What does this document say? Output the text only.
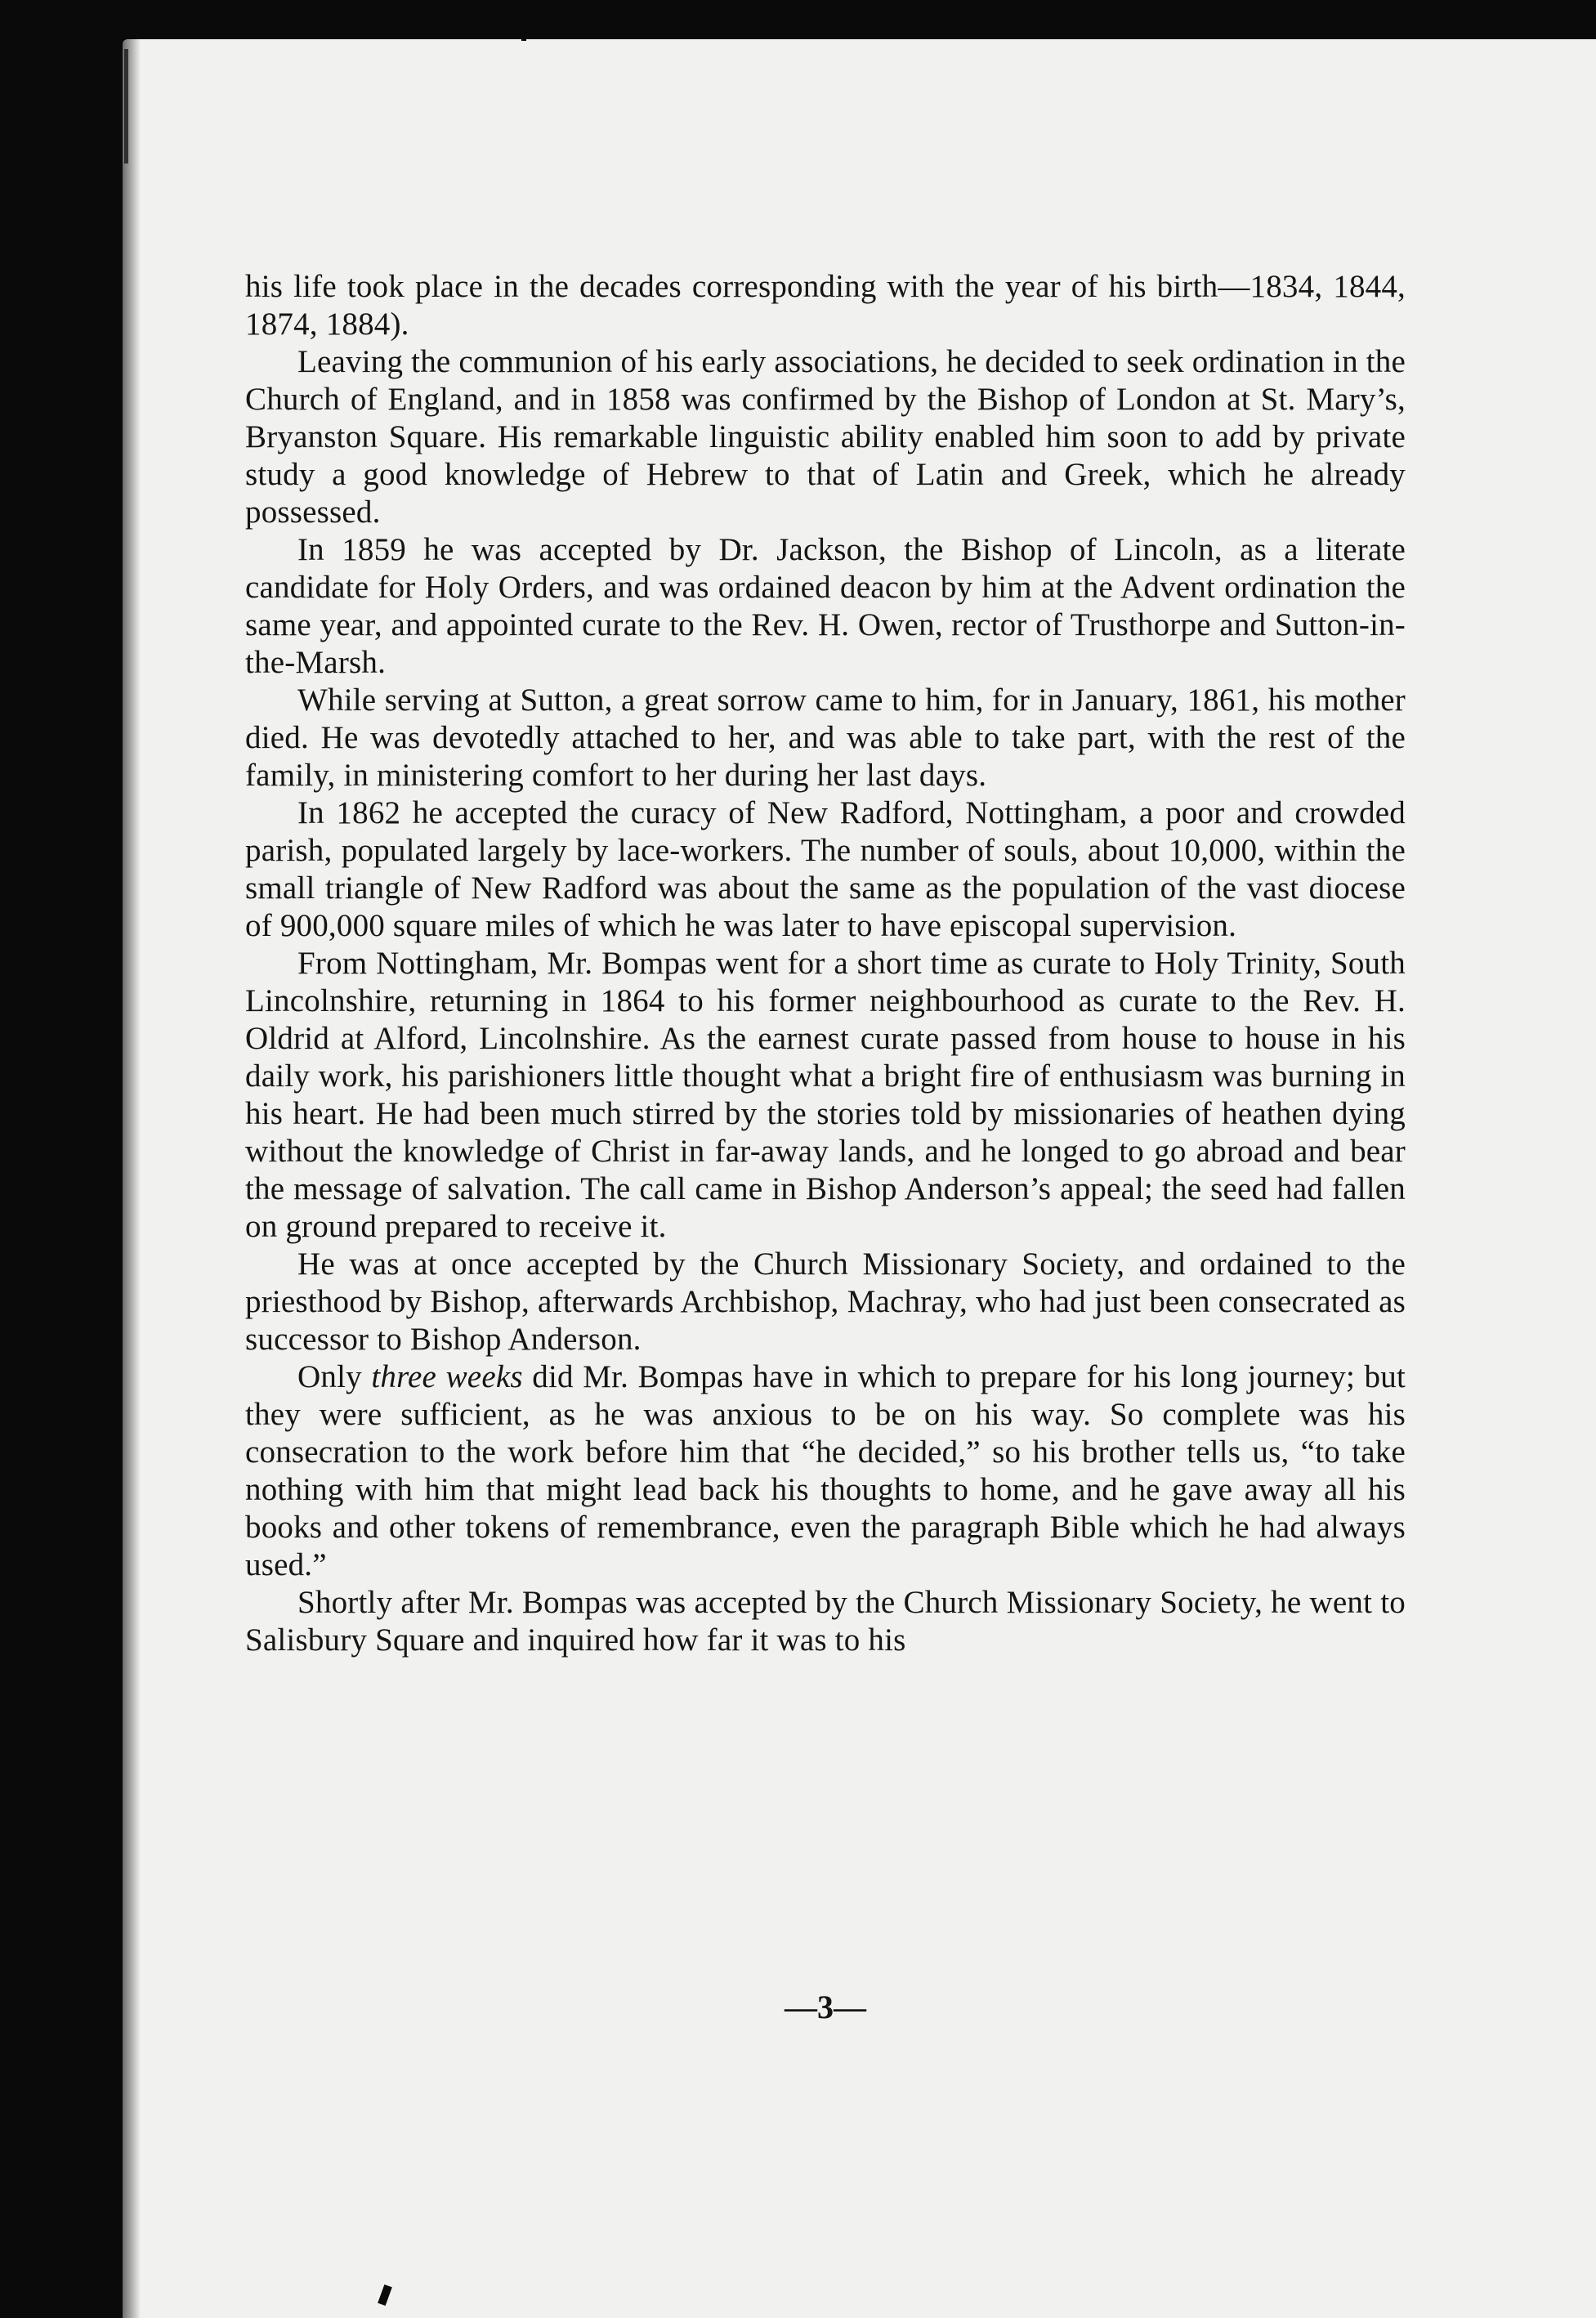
his life took place in the decades corresponding with the year of his birth—1834, 1844, 1874, 1884).

Leaving the communion of his early associations, he decided to seek ordination in the Church of England, and in 1858 was confirmed by the Bishop of London at St. Mary’s, Bryanston Square. His remarkable linguistic ability enabled him soon to add by private study a good knowledge of Hebrew to that of Latin and Greek, which he already possessed.

In 1859 he was accepted by Dr. Jackson, the Bishop of Lincoln, as a literate candidate for Holy Orders, and was ordained deacon by him at the Advent ordination the same year, and appointed curate to the Rev. H. Owen, rector of Trusthorpe and Sutton-in-the-Marsh.

While serving at Sutton, a great sorrow came to him, for in January, 1861, his mother died. He was devotedly attached to her, and was able to take part, with the rest of the family, in ministering comfort to her during her last days.

In 1862 he accepted the curacy of New Radford, Nottingham, a poor and crowded parish, populated largely by lace-workers. The number of souls, about 10,000, within the small triangle of New Radford was about the same as the population of the vast diocese of 900,000 square miles of which he was later to have episcopal supervision.

From Nottingham, Mr. Bompas went for a short time as curate to Holy Trinity, South Lincolnshire, returning in 1864 to his former neighbourhood as curate to the Rev. H. Oldrid at Alford, Lincolnshire. As the earnest curate passed from house to house in his daily work, his parishioners little thought what a bright fire of enthusiasm was burning in his heart. He had been much stirred by the stories told by missionaries of heathen dying without the knowledge of Christ in far-away lands, and he longed to go abroad and bear the message of salvation. The call came in Bishop Anderson’s appeal; the seed had fallen on ground prepared to receive it.

He was at once accepted by the Church Missionary Society, and ordained to the priesthood by Bishop, afterwards Archbishop, Machray, who had just been consecrated as successor to Bishop Anderson.

Only three weeks did Mr. Bompas have in which to prepare for his long journey; but they were sufficient, as he was anxious to be on his way. So complete was his consecration to the work before him that “he decided,” so his brother tells us, “to take nothing with him that might lead back his thoughts to home, and he gave away all his books and other tokens of remembrance, even the paragraph Bible which he had always used.”

Shortly after Mr. Bompas was accepted by the Church Missionary Society, he went to Salisbury Square and inquired how far it was to his

—3—
